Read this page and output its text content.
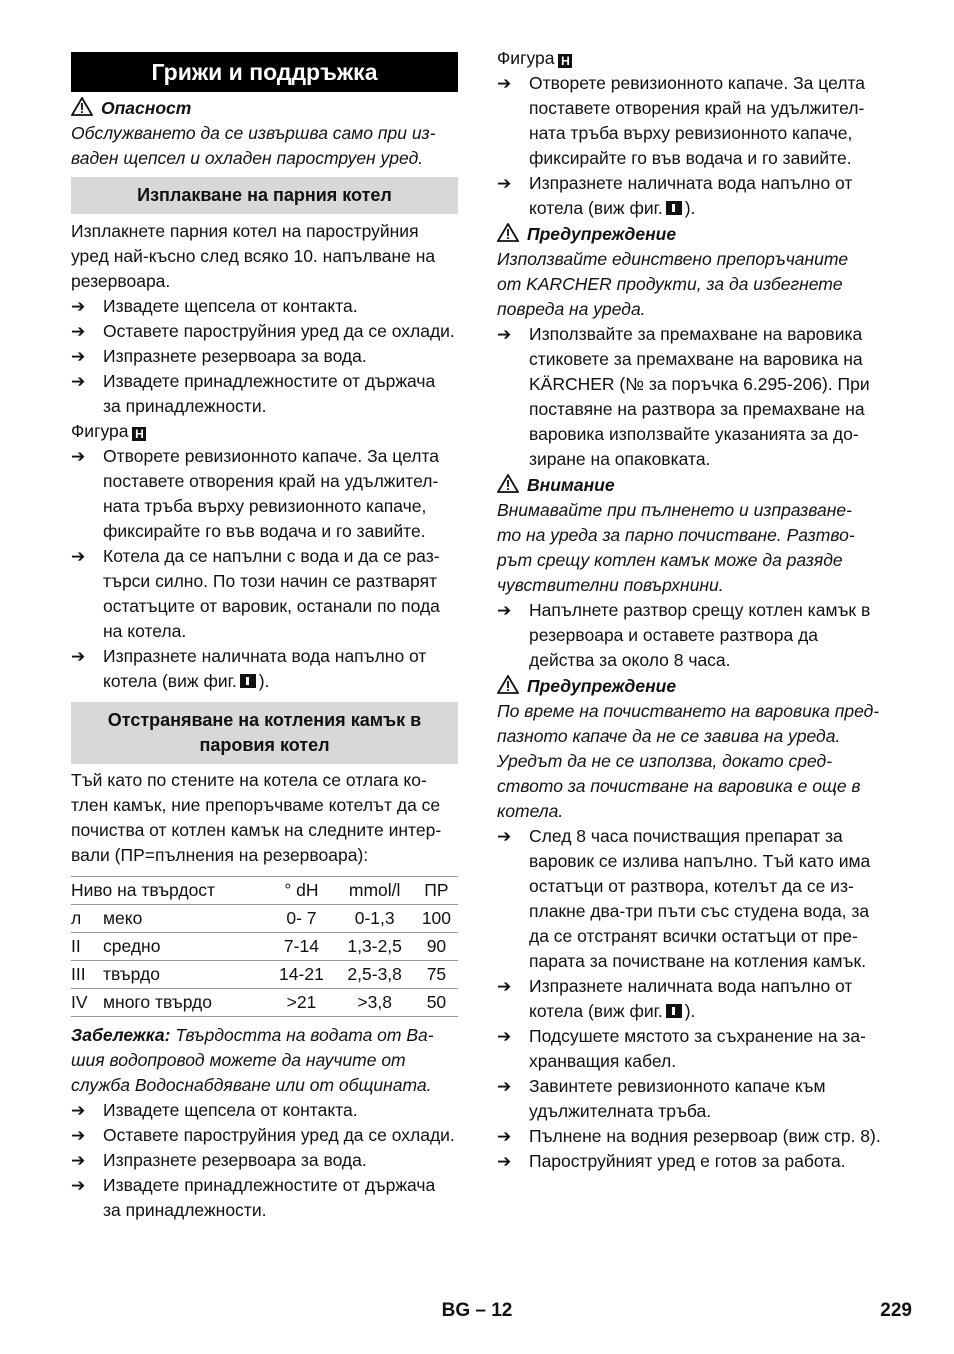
Грижи и поддръжка
Опасност

Обслужването да се извършва само при из-

ваден щепсел и охладен пароструен уред.

Изплакване на парния котел

Изплакнете парния котел на пароструйния

уред най-късно след всяко 10. напълване на

резервоара.

➔	Извадете щепсела от контакта.

➔	Оставете пароструйния уред да се охлади.

➔	Изпразнете резервоара за вода.

➔	Извадете принадлежностите от държача

за принадлежности.

Фигура H

➔	Отворете ревизионното капаче. За целта

поставете отворения край на удължител-

ната тръба върху ревизионното капаче,

фиксирайте го във водача и го завийте.

➔	Котела да се напълни с вода и да се раз-

търси силно. По този начин се разтварят

остатъците от варовик, останали по пода

на котела.

➔	Изпразнете наличната вода напълно от

котела (виж фиг. ).

Отстраняване на котления камък в

паровия котел

Тъй като по стените на котела се отлага ко-

тлен камък, ние препоръчваме котелът да се

почиства от котлен камък на следните интер-

вали (ПР=пълнения на резервоара):

Ниво на твърдост		° dH	mmol/l	ПР
л	меко	0- 7	0-1,3	100
II	средно	7-14	1,3-2,5	90
III	твърдо	14-21	2,5-3,8	75
IV	много твърдо	>21	>3,8	50

Забележка: Твърдостта на водата от Ва-

шия водопровод можете да научите от

служба Водоснабдяване или от общината.

➔	Извадете щепсела от контакта.

➔	Оставете пароструйния уред да се охлади.

➔	Изпразнете резервоара за вода.

➔	Извадете принадлежностите от държача

за принадлежности.

Фигура H

➔	Отворете ревизионното капаче. За целта

поставете отворения край на удължител-

ната тръба върху ревизионното капаче,

фиксирайте го във водача и го завийте.

➔	Изпразнете наличната вода напълно от

котела (виж фиг. ).

Предупреждение

Използвайте единствено препоръчаните

от KARCHER продукти, за да избегнете

повреда на уреда.

➔	Използвайте за премахване на варовика

стиковете за премахване на варовика на

KÄRCHER (№ за поръчка 6.295-206). При

поставяне на разтвора за премахване на

варовика използвайте указанията за до-

зиране на опаковката.

Внимание

Внимавайте при пълненето и изпразване-

то на уреда за парно почистване. Разтво-

рът срещу котлен камък може да разяде

чувствителни повърхнини.

➔	Напълнете разтвор срещу котлен камък в

резервоара и оставете разтвора да

действа за около 8 часа.

Предупреждение

По време на почистването на варовика пред-

пазното капаче да не се завива на уреда.

Уредът да не се използва, докато сред-

ството за почистване на варовика е още в

котела.

➔	След 8 часа почистващия препарат за

варовик се излива напълно. Тъй като има

остатъци от разтвора, котелът да се из-

плакне два-три пъти със студена вода, за

да се отстранят всички остатъци от пре-

парата за почистване на котления камък.

➔	Изпразнете наличната вода напълно от

котела (виж фиг. ).

➔	Подсушете мястото за съхранение на за-

хранващия кабел.

➔	Завинтете ревизионното капаче към

удължителната тръба.

➔	Пълнене на водния резервоар (виж стр. 8).

➔	Пароструйният уред е готов за работа.

BG – 12	229
